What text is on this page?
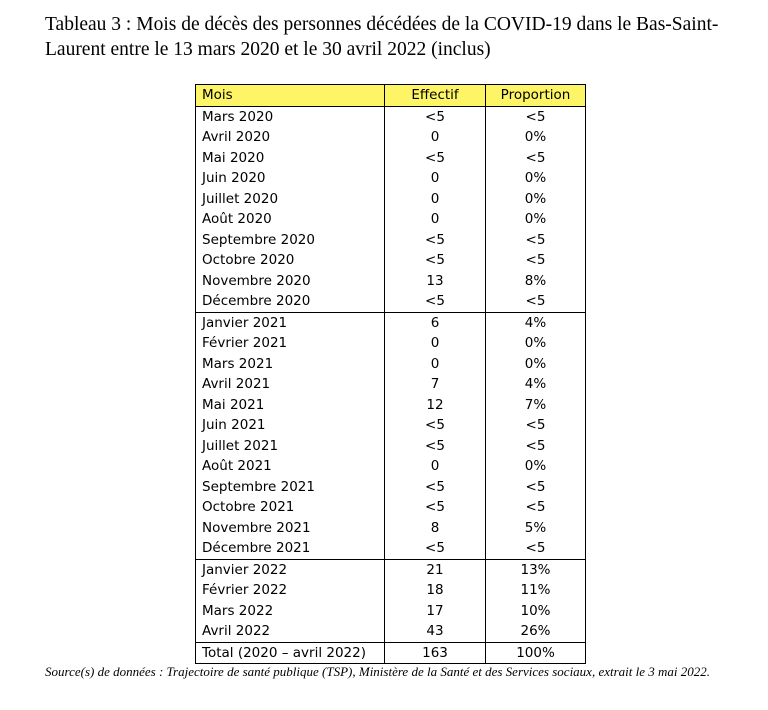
Tableau 3 : Mois de décès des personnes décédées de la COVID-19 dans le Bas-Saint-Laurent entre le 13 mars 2020 et le 30 avril 2022 (inclus)
Mois	Effectif	Proportion
Mars 2020	<5	<5
Avril 2020	0	0%
Mai 2020	<5	<5
Juin 2020	0	0%
Juillet 2020	0	0%
Août 2020	0	0%
Septembre 2020	<5	<5
Octobre 2020	<5	<5
Novembre 2020	13	8%
Décembre 2020	<5	<5
Janvier 2021	6	4%
Février 2021	0	0%
Mars 2021	0	0%
Avril 2021	7	4%
Mai 2021	12	7%
Juin 2021	<5	<5
Juillet 2021	<5	<5
Août 2021	0	0%
Septembre 2021	<5	<5
Octobre 2021	<5	<5
Novembre 2021	8	5%
Décembre 2021	<5	<5
Janvier 2022	21	13%
Février 2022	18	11%
Mars 2022	17	10%
Avril 2022	43	26%
Total (2020 – avril 2022)	163	100%
Source(s) de données : Trajectoire de santé publique (TSP), Ministère de la Santé et des Services sociaux, extrait le 3 mai 2022.
